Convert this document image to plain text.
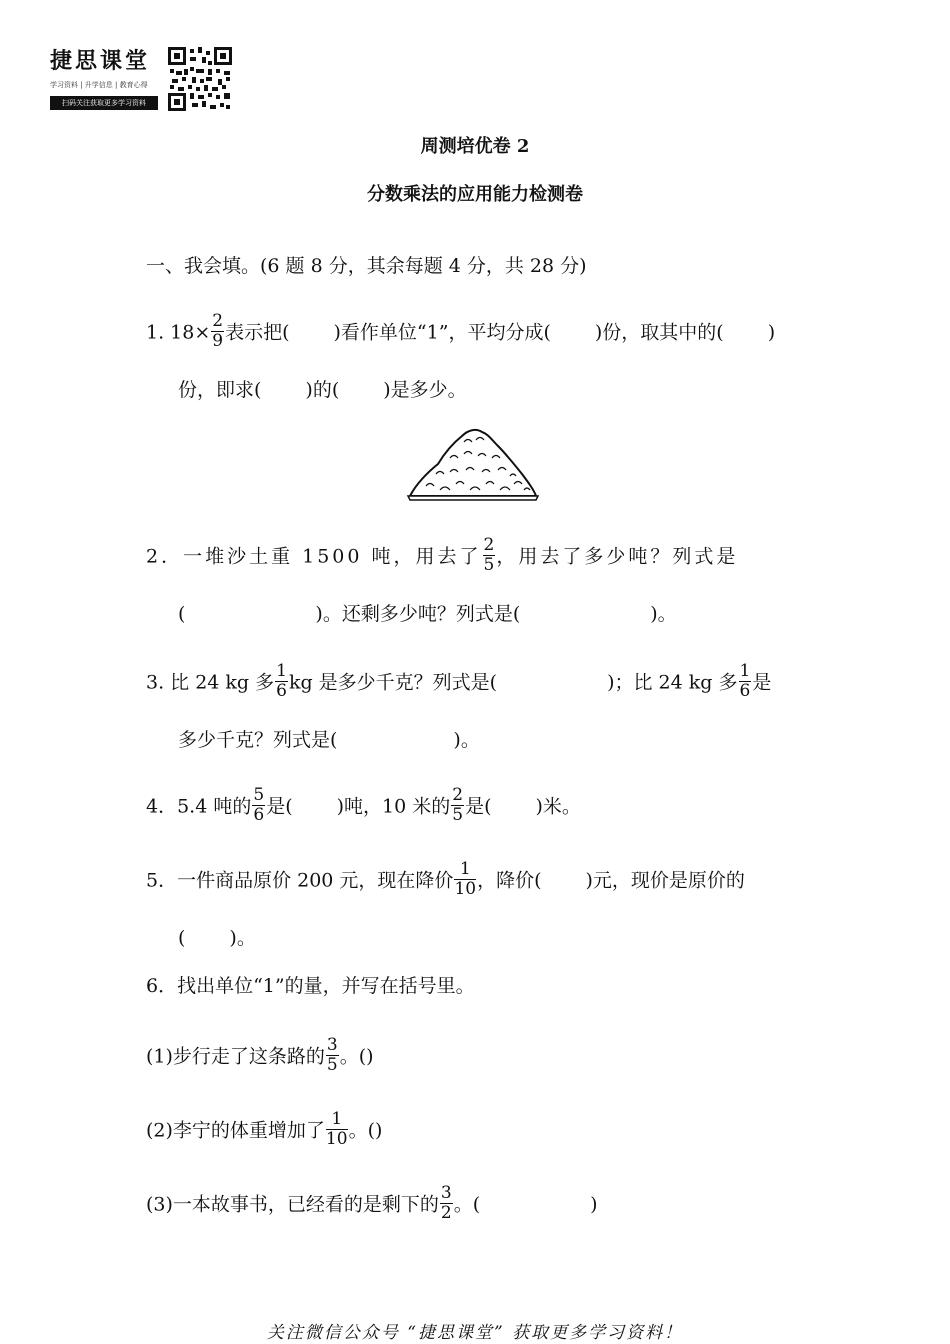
捷思课堂
学习资料 | 升学信息 | 教育心得
扫码关注获取更多学习资料
周测培优卷 2
分数乘法的应用能力检测卷
一、我会填。(6 题 8 分，其余每题 4 分，共 28 分)
1. $18\times \frac{2}{9}$ 表示把( )看作单位“1”，平均分成( )份，取其中的( )
份，即求( )的( )是多少。
2．一堆沙土重 1500 吨，用去了 $\frac{2}{5}$ ，用去了多少吨？列式是
(	)。还剩多少吨？列式是(	)。
3. 比 24 kg 多 $\frac{1}{6}$ kg 是多少千克？列式是(	)；比 24 kg 多 $\frac{1}{6}$ 是
多少千克？列式是(	)。
4．5.4 吨的 $\frac{5}{6}$ 是( )吨，10 米的 $\frac{2}{5}$ 是( )米。
5．一件商品原价 200 元，现在降价 $\frac{1}{10}$ ，降价( )元，现价是原价的
( )。
6．找出单位“1”的量，并写在括号里。
(1)步行走了这条路的 $\frac{3}{5}$ 。()
(2)李宁的体重增加了 $\frac{1}{10}$ 。()
(3)一本故事书，已经看的是剩下的 $\frac{3}{2}$ 。(	)
关注微信公众号 “捷思课堂” 获取更多学习资料！
